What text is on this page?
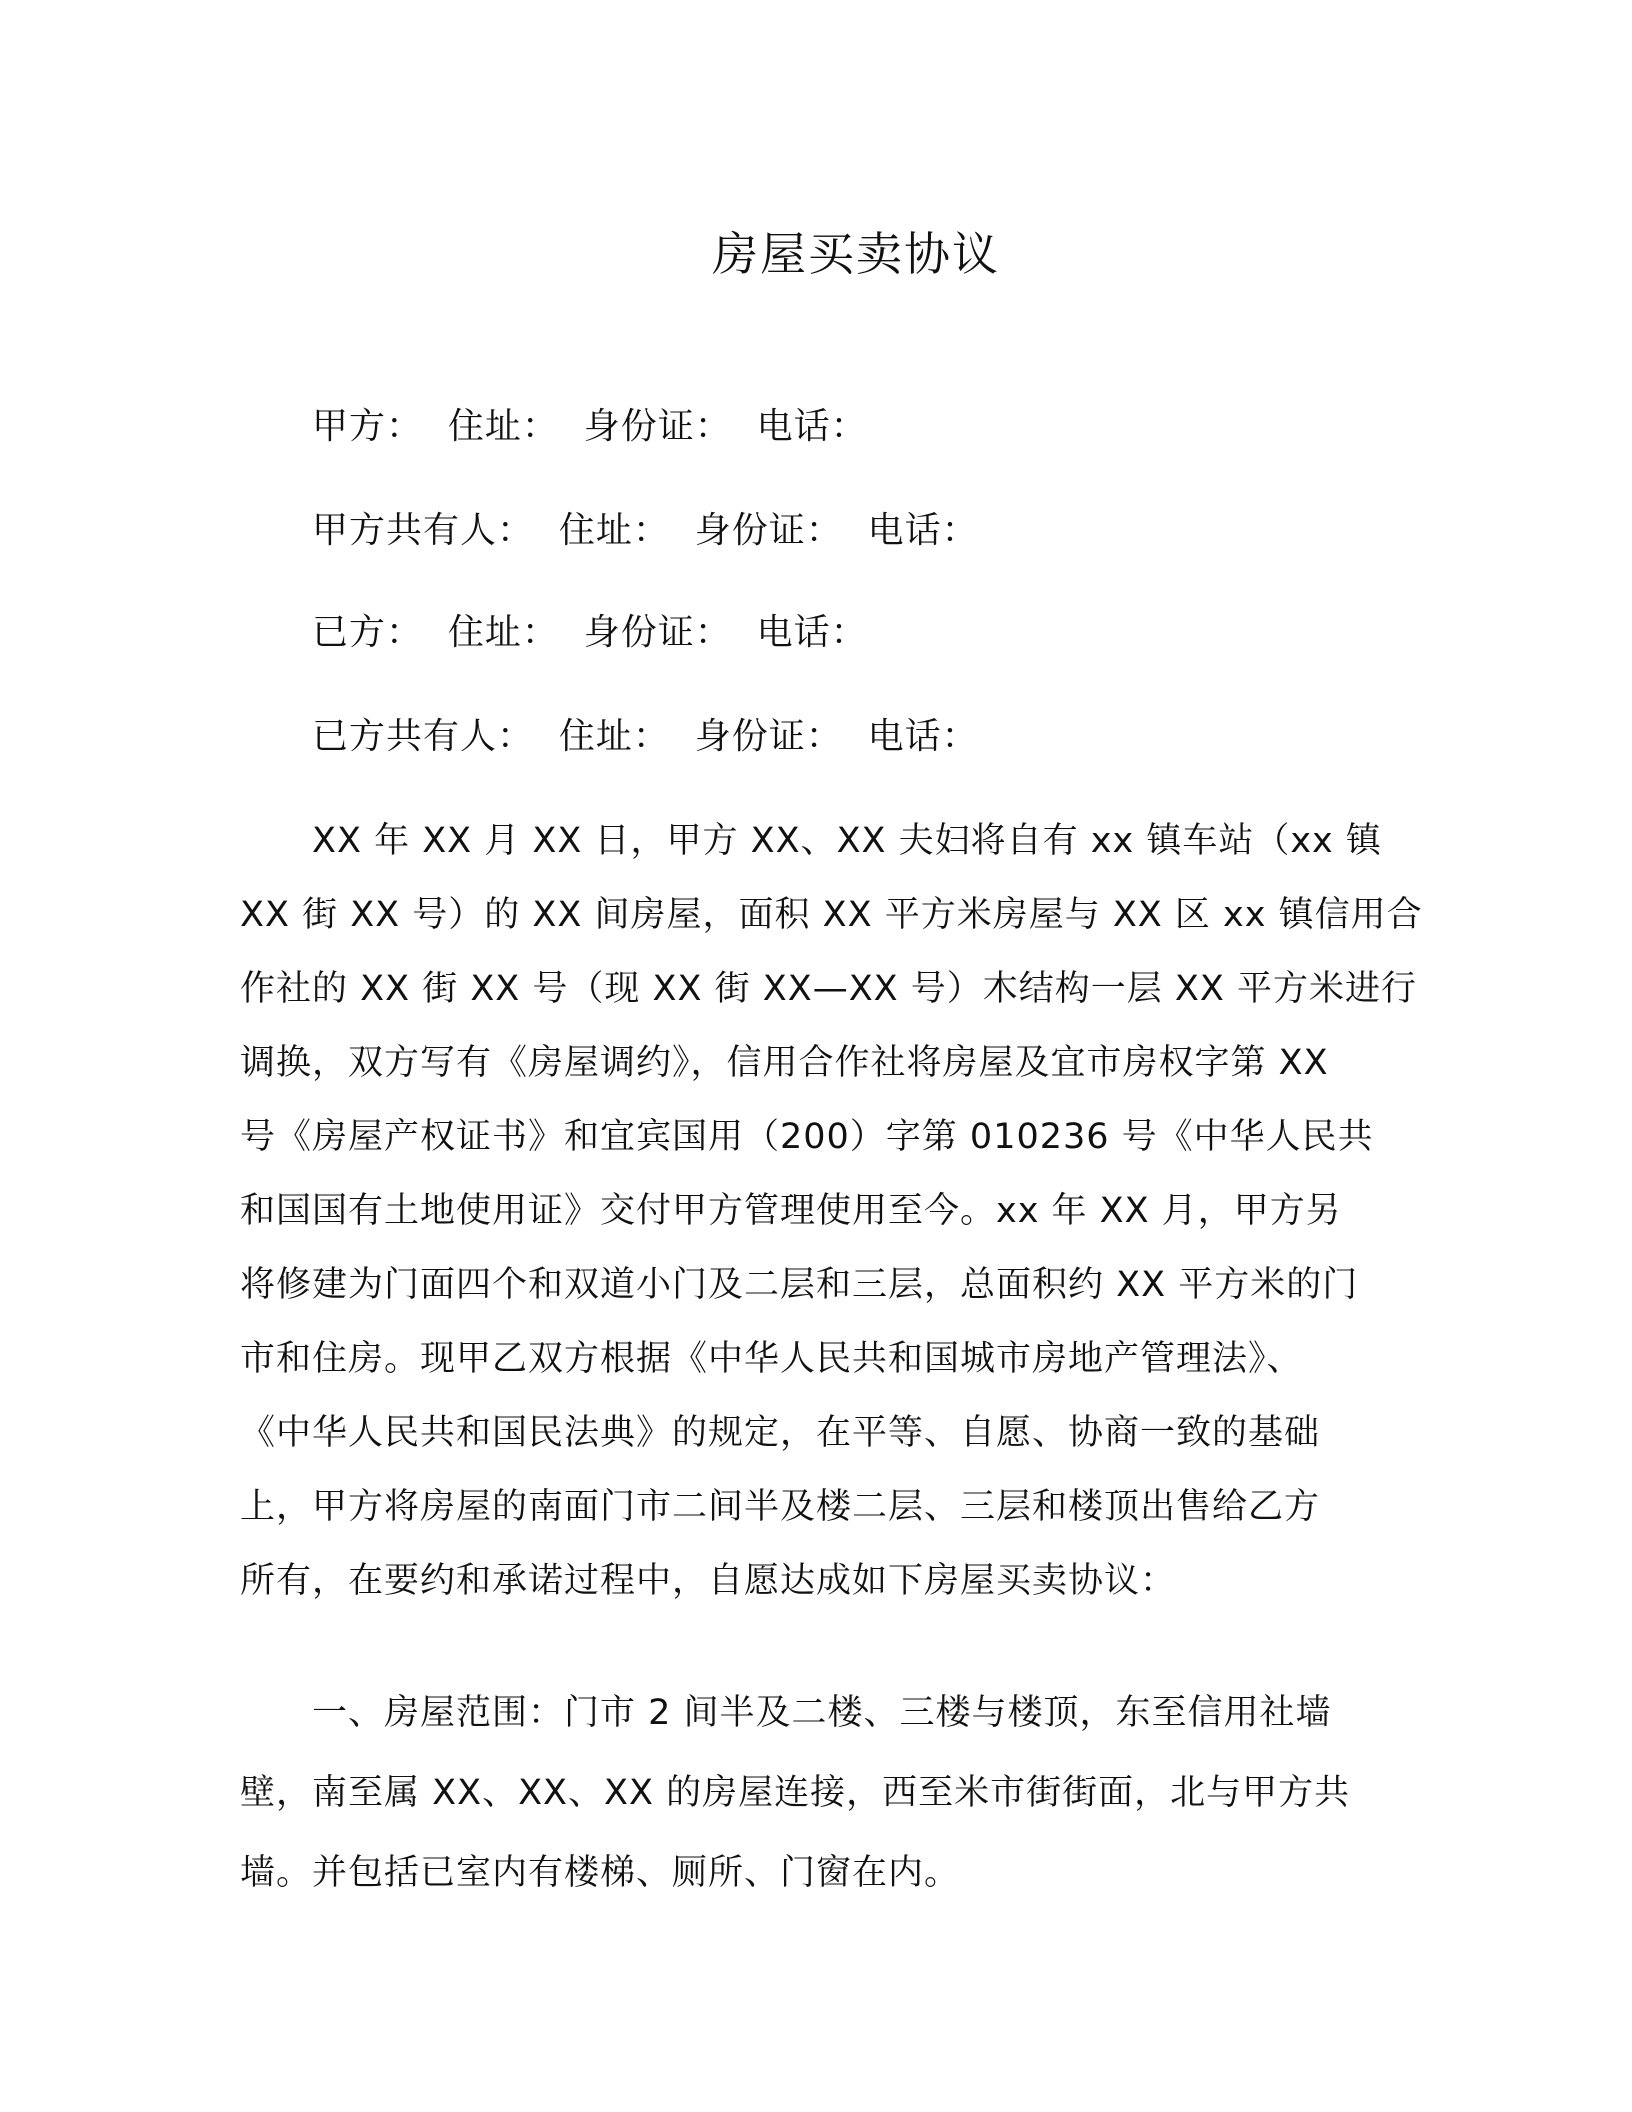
房屋买卖协议
甲方：  住址：  身份证：  电话：
甲方共有人：  住址：  身份证：  电话：
已方：  住址：  身份证：  电话：
已方共有人：  住址：  身份证：  电话：
XX 年 XX 月 XX 日，甲方 XX、XX 夫妇将自有 xx 镇车站（xx 镇
XX 街 XX 号）的 XX 间房屋，面积 XX 平方米房屋与 XX 区 xx 镇信用合
作社的 XX 街 XX 号（现 XX 街 XX—XX 号）木结构一层 XX 平方米进行
调换，双方写有《房屋调约》，信用合作社将房屋及宜市房权字第 XX
号《房屋产权证书》和宜宾国用（200）字第 010236 号《中华人民共
和国国有土地使用证》交付甲方管理使用至今。xx 年 XX 月，甲方另
将修建为门面四个和双道小门及二层和三层，总面积约 XX 平方米的门
市和住房。现甲乙双方根据《中华人民共和国城市房地产管理法》、
《中华人民共和国民法典》的规定，在平等、自愿、协商一致的基础
上，甲方将房屋的南面门市二间半及楼二层、三层和楼顶出售给乙方
所有，在要约和承诺过程中，自愿达成如下房屋买卖协议：
一、房屋范围：门市 2 间半及二楼、三楼与楼顶，东至信用社墙
壁，南至属 XX、XX、XX 的房屋连接，西至米市街街面，北与甲方共
墙。并包括已室内有楼梯、厕所、门窗在内。
